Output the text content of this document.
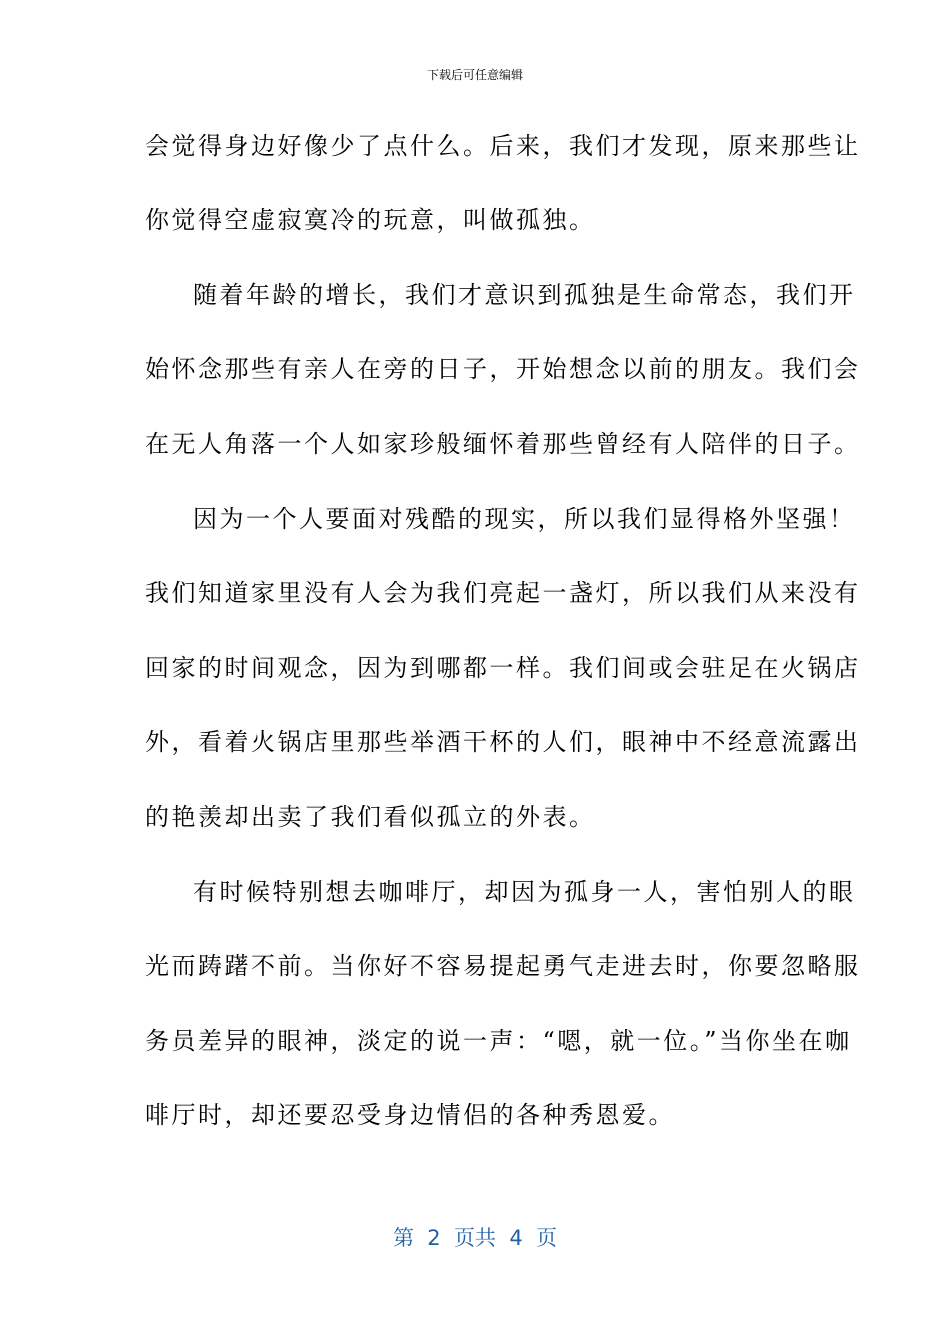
下载后可任意编辑
会觉得身边好像少了点什么。后来，我们才发现，原来那些让
你觉得空虚寂寞冷的玩意，叫做孤独。
随着年龄的增长，我们才意识到孤独是生命常态，我们开
始怀念那些有亲人在旁的日子，开始想念以前的朋友。我们会
在无人角落一个人如家珍般缅怀着那些曾经有人陪伴的日子。
因为一个人要面对残酷的现实，所以我们显得格外坚强！
我们知道家里没有人会为我们亮起一盏灯，所以我们从来没有
回家的时间观念，因为到哪都一样。我们间或会驻足在火锅店
外，看着火锅店里那些举酒干杯的人们，眼神中不经意流露出
的艳羡却出卖了我们看似孤立的外表。
有时候特别想去咖啡厅，却因为孤身一人，害怕别人的眼
光而踌躇不前。当你好不容易提起勇气走进去时，你要忽略服
务员差异的眼神，淡定的说一声：“嗯，就一位。”当你坐在咖
啡厅时，却还要忍受身边情侣的各种秀恩爱。
第  2  页共  4  页
